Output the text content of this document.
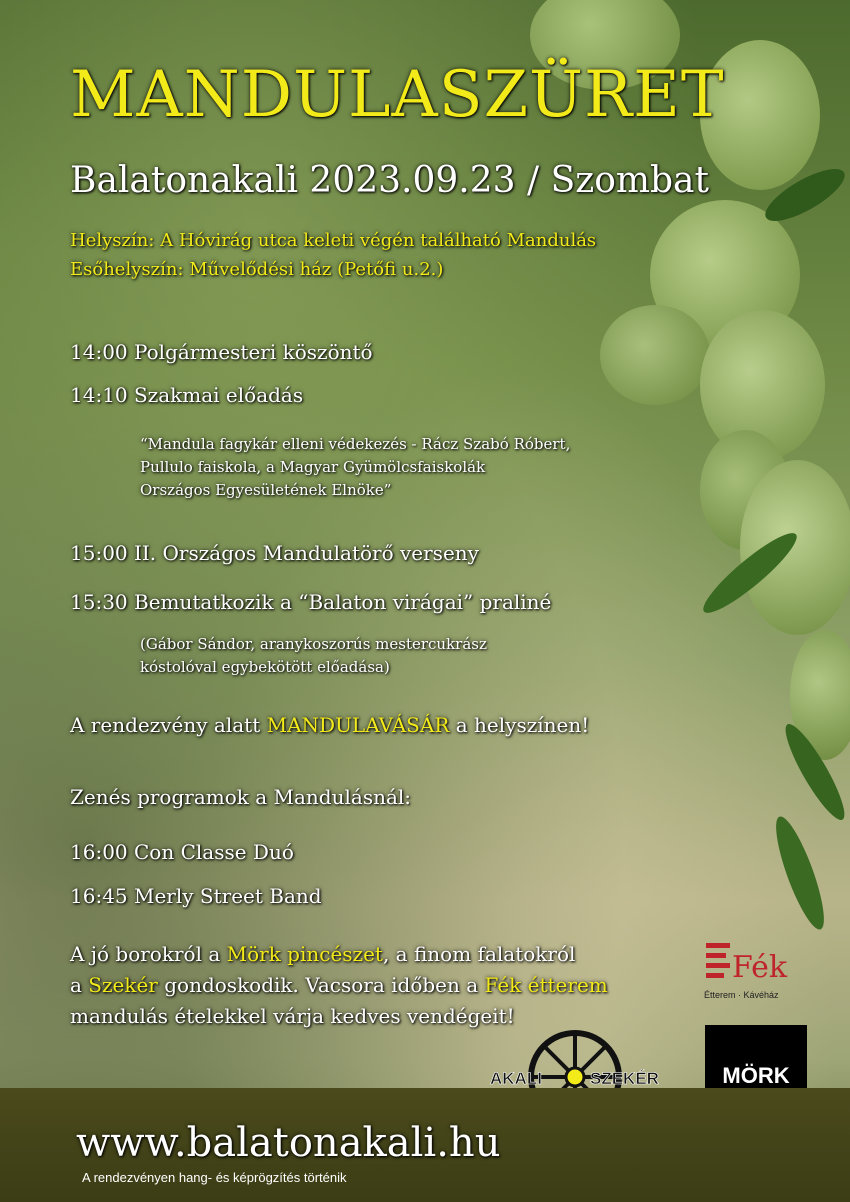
MANDULASZÜRET
Balatonakali 2023.09.23 / Szombat
Helyszín: A Hóvirág utca keleti végén található Mandulás
Esőhelyszín: Művelődési ház (Petőfi u.2.)
14:00 Polgármesteri köszöntő
14:10 Szakmai előadás
“Mandula fagykár elleni védekezés - Rácz Szabó Róbert,
Pullulo faiskola, a Magyar Gyümölcsfaiskolák
Országos Egyesületének Elnöke”
15:00 II. Országos Mandulatörő verseny
15:30 Bemutatkozik a “Balaton virágai” praliné
(Gábor Sándor, aranykoszorús mestercukrász
kóstolóval egybekötött előadása)
A rendezvény alatt MANDULAVÁSÁR a helyszínen!
Zenés programok a Mandulásnál:
16:00 Con Classe Duó
16:45 Merly Street Band
A jó borokról a Mörk pincészet, a finom falatokról
a Szekér gondoskodik. Vacsora időben a Fék étterem
mandulás ételekkel várja kedves vendégeit!
Fék
Étterem · Kávéház
AKALI	SZEKÉR	MÖRK
www.balatonakali.hu
A rendezvényen hang- és képrögzítés történik
